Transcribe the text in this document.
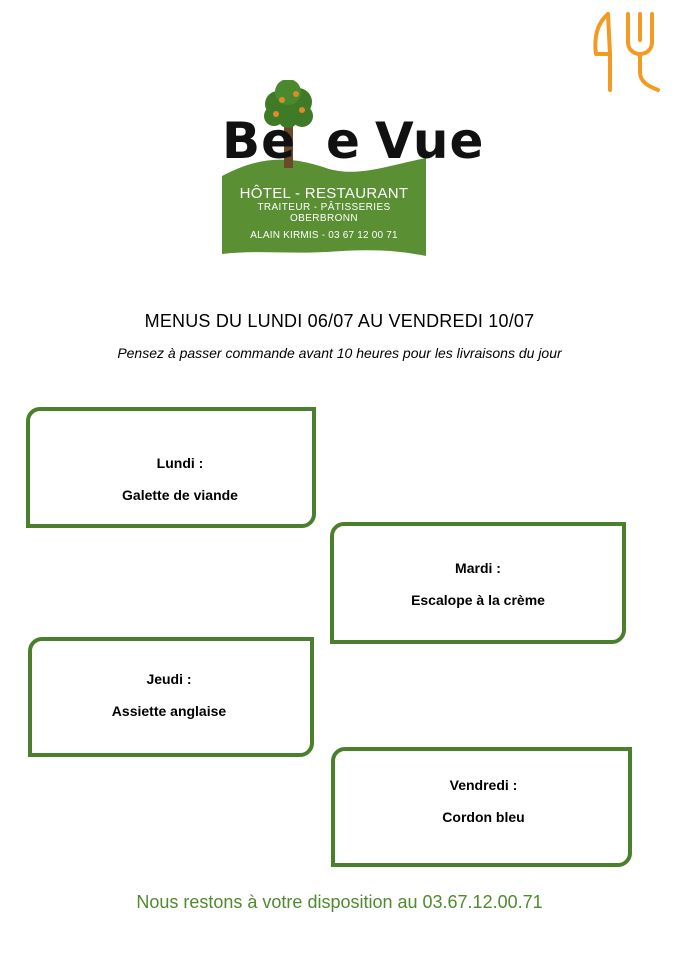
Be e Vue
HÔTEL - RESTAURANT
TRAITEUR - PÂTISSERIES
OBERBRONN
ALAIN KIRMIS - 03 67 12 00 71
MENUS DU LUNDI 06/07 AU VENDREDI 10/07
Pensez à passer commande avant 10 heures pour les livraisons du jour
Lundi :
Galette de viande
Mardi :
Escalope à la crème
Jeudi :
Assiette anglaise
Vendredi :
Cordon bleu
Nous restons à votre disposition au 03.67.12.00.71
